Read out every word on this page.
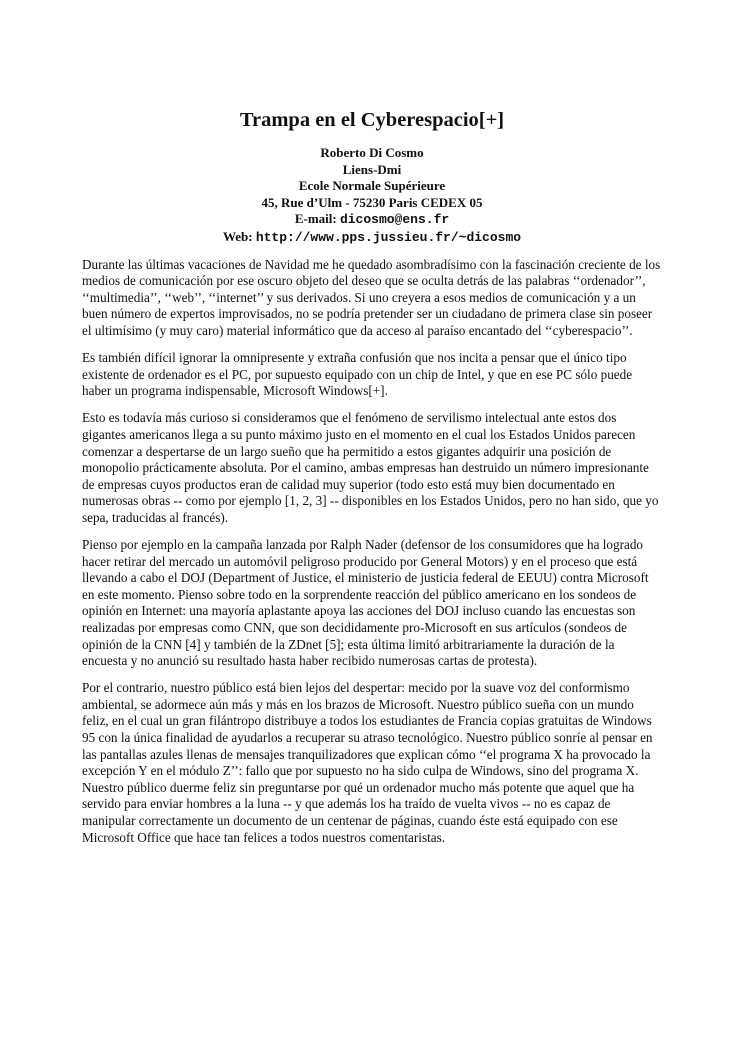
Trampa en el Cyberespacio[+]
Roberto Di Cosmo
Liens-Dmi
Ecole Normale Supérieure
45, Rue d’Ulm - 75230 Paris CEDEX 05
E-mail: dicosmo@ens.fr
Web: http://www.pps.jussieu.fr/~dicosmo

Durante las últimas vacaciones de Navidad me he quedado asombradísimo con la fascinación creciente de los medios de comunicación por ese oscuro objeto del deseo que se oculta detrás de las palabras ‘‘ordenador’’, ‘‘multimedia’’, ‘‘web’’, ‘‘internet’’ y sus derivados. Si uno creyera a esos medios de comunicación y a un buen número de expertos improvisados, no se podría pretender ser un ciudadano de primera clase sin poseer el ultimísimo (y muy caro) material informático que da acceso al paraíso encantado del ‘‘cyberespacio’’.

Es también difícil ignorar la omnipresente y extraña confusión que nos incita a pensar que el único tipo existente de ordenador es el PC, por supuesto equipado con un chip de Intel, y que en ese PC sólo puede haber un programa indispensable, Microsoft Windows[+].

Esto es todavía más curioso si consideramos que el fenómeno de servilismo intelectual ante estos dos gigantes americanos llega a su punto máximo justo en el momento en el cual los Estados Unidos parecen comenzar a despertarse de un largo sueño que ha permitido a estos gigantes adquirir una posición de monopolio prácticamente absoluta. Por el camino, ambas empresas han destruido un número impresionante de empresas cuyos productos eran de calidad muy superior (todo esto está muy bien documentado en numerosas obras -- como por ejemplo [1, 2, 3] -- disponibles en los Estados Unidos, pero no han sido, que yo sepa, traducidas al francés).

Pienso por ejemplo en la campaña lanzada por Ralph Nader (defensor de los consumidores que ha logrado hacer retirar del mercado un automóvil peligroso producido por General Motors) y en el proceso que está llevando a cabo el DOJ (Department of Justice, el ministerio de justicia federal de EEUU) contra Microsoft en este momento. Pienso sobre todo en la sorprendente reacción del público americano en los sondeos de opinión en Internet: una mayoría aplastante apoya las acciones del DOJ incluso cuando las encuestas son realizadas por empresas como CNN, que son decididamente pro-Microsoft en sus artículos (sondeos de opinión de la CNN [4] y también de la ZDnet [5]; esta última limitó arbitrariamente la duración de la encuesta y no anunció su resultado hasta haber recibido numerosas cartas de protesta).

Por el contrario, nuestro público está bien lejos del despertar: mecido por la suave voz del conformismo ambiental, se adormece aún más y más en los brazos de Microsoft. Nuestro público sueña con un mundo feliz, en el cual un gran filántropo distribuye a todos los estudiantes de Francia copias gratuitas de Windows 95 con la única finalidad de ayudarlos a recuperar su atraso tecnológico. Nuestro público sonríe al pensar en las pantallas azules llenas de mensajes tranquilizadores que explican cómo ‘‘el programa X ha provocado la excepción Y en el módulo Z’’: fallo que por supuesto no ha sido culpa de Windows, sino del programa X. Nuestro público duerme feliz sin preguntarse por qué un ordenador mucho más potente que aquel que ha servido para enviar hombres a la luna -- y que además los ha traído de vuelta vivos -- no es capaz de manipular correctamente un documento de un centenar de páginas, cuando éste está equipado con ese Microsoft Office que hace tan felices a todos nuestros comentaristas.
